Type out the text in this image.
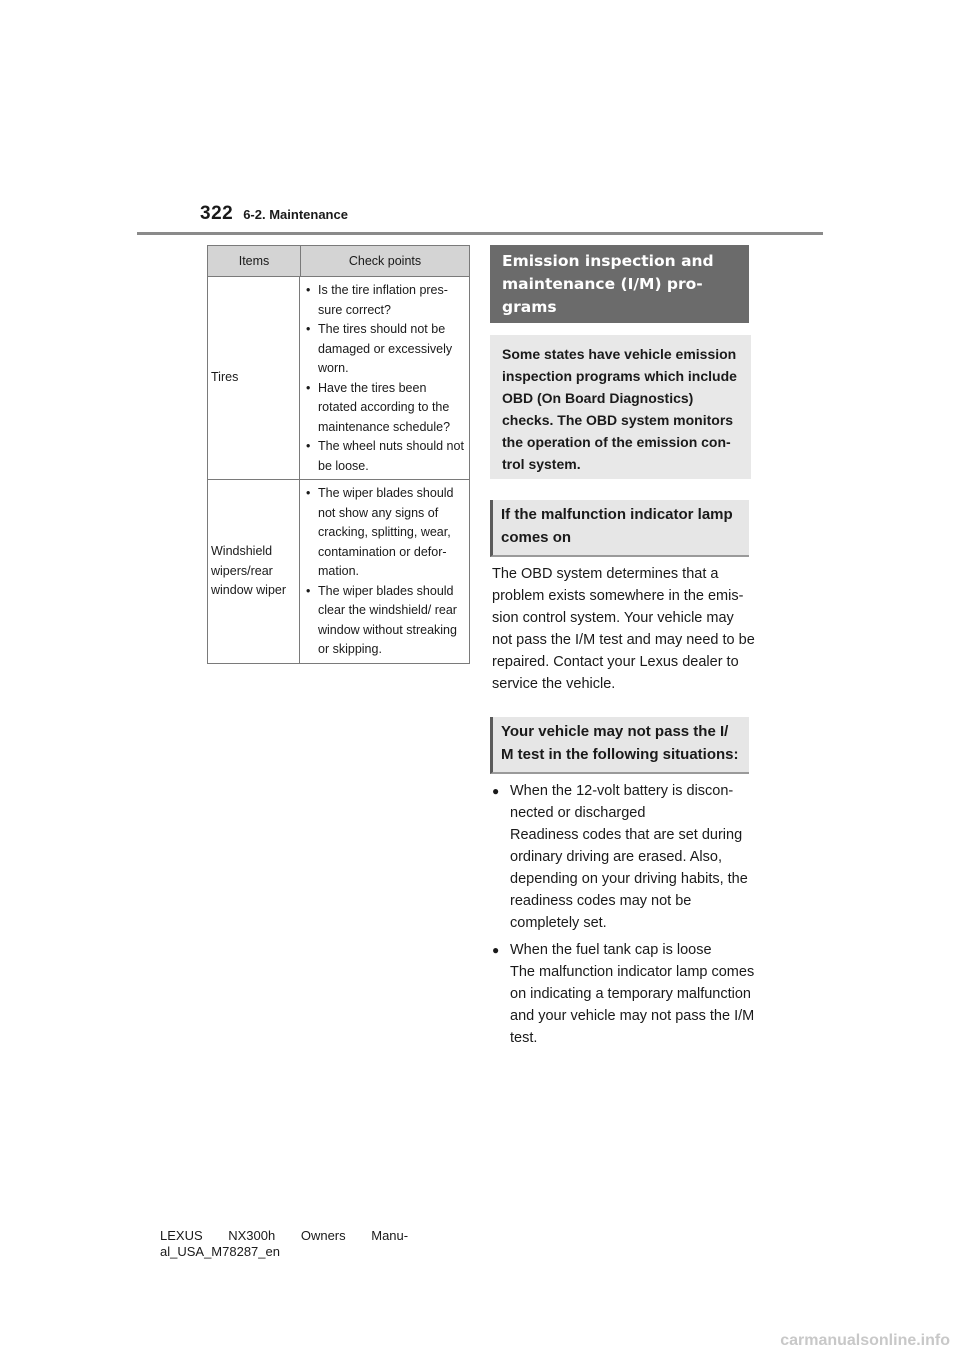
322 6-2. Maintenance
Items	Check points
Tires
• Is the tire inflation pres-sure correct?
• The tires should not be damaged or excessively worn.
• Have the tires been rotated according to the maintenance schedule?
• The wheel nuts should not be loose.
Windshield wipers/rear window wiper
• The wiper blades should not show any signs of cracking, splitting, wear, contamination or defor-mation.
• The wiper blades should clear the windshield/ rear window without streaking or skipping.
Emission inspection and maintenance (I/M) pro-grams
Some states have vehicle emission inspection programs which include OBD (On Board Diagnostics) checks. The OBD system monitors the operation of the emission con-trol system.
If the malfunction indicator lamp comes on
The OBD system determines that a problem exists somewhere in the emis-sion control system. Your vehicle may not pass the I/M test and may need to be repaired. Contact your Lexus dealer to service the vehicle.
Your vehicle may not pass the I/ M test in the following situations:
● When the 12-volt battery is discon-nected or discharged
Readiness codes that are set during ordinary driving are erased. Also, depending on your driving habits, the readiness codes may not be completely set.
● When the fuel tank cap is loose
The malfunction indicator lamp comes on indicating a temporary malfunction and your vehicle may not pass the I/M test.
LEXUS NX300h Owners Manu-
al_USA_M78287_en
carmanualsonline.info
